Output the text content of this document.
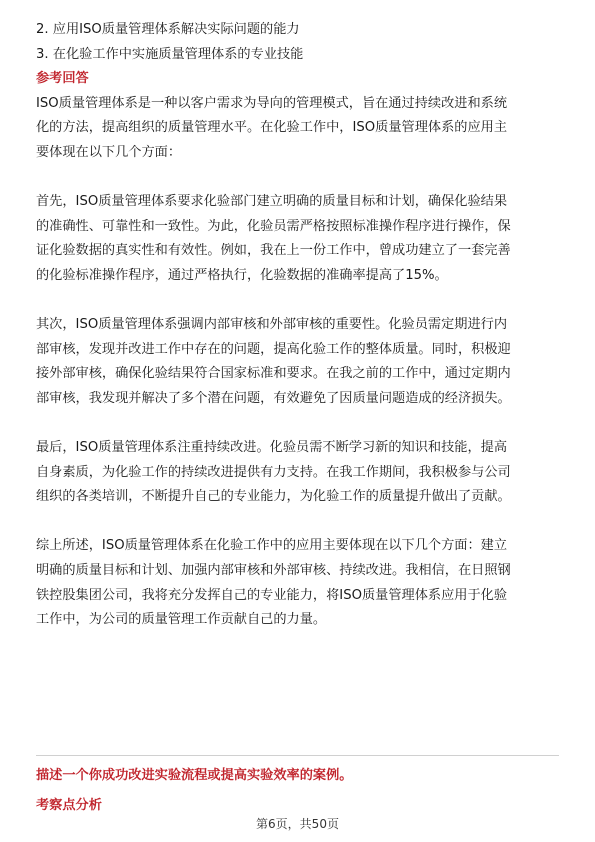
2. 应用ISO质量管理体系解决实际问题的能力

3. 在化验工作中实施质量管理体系的专业技能

参考回答

ISO质量管理体系是一种以客户需求为导向的管理模式，旨在通过持续改进和系统

化的方法，提高组织的质量管理水平。在化验工作中，ISO质量管理体系的应用主

要体现在以下几个方面：

首先，ISO质量管理体系要求化验部门建立明确的质量目标和计划，确保化验结果

的准确性、可靠性和一致性。为此，化验员需严格按照标准操作程序进行操作，保

证化验数据的真实性和有效性。例如，我在上一份工作中，曾成功建立了一套完善

的化验标准操作程序，通过严格执行，化验数据的准确率提高了15%。

其次，ISO质量管理体系强调内部审核和外部审核的重要性。化验员需定期进行内

部审核，发现并改进工作中存在的问题，提高化验工作的整体质量。同时，积极迎

接外部审核，确保化验结果符合国家标准和要求。在我之前的工作中，通过定期内

部审核，我发现并解决了多个潜在问题，有效避免了因质量问题造成的经济损失。

最后，ISO质量管理体系注重持续改进。化验员需不断学习新的知识和技能，提高

自身素质，为化验工作的持续改进提供有力支持。在我工作期间，我积极参与公司

组织的各类培训，不断提升自己的专业能力，为化验工作的质量提升做出了贡献。

综上所述，ISO质量管理体系在化验工作中的应用主要体现在以下几个方面：建立

明确的质量目标和计划、加强内部审核和外部审核、持续改进。我相信，在日照钢

铁控股集团公司，我将充分发挥自己的专业能力，将ISO质量管理体系应用于化验

工作中，为公司的质量管理工作贡献自己的力量。

描述一个你成功改进实验流程或提高实验效率的案例。
考察点分析
第6页，共50页
